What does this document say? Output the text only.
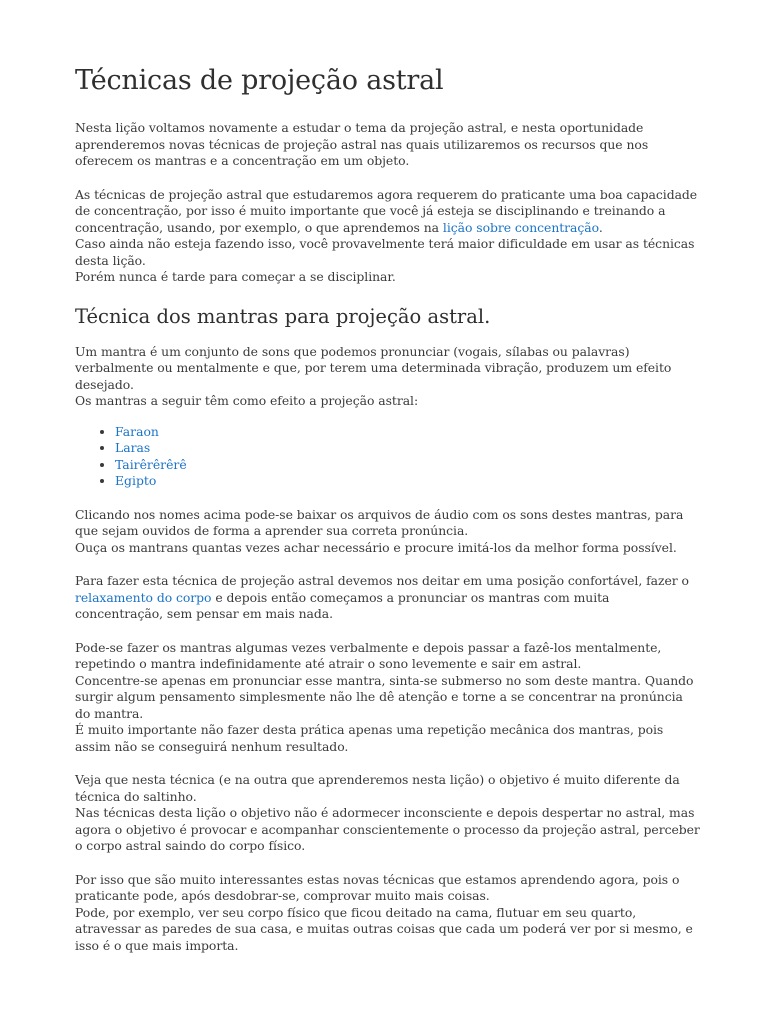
Técnicas de projeção astral

Nesta lição voltamos novamente a estudar o tema da projeção astral, e nesta oportunidade aprenderemos novas técnicas de projeção astral nas quais utilizaremos os recursos que nos oferecem os mantras e a concentração em um objeto.

As técnicas de projeção astral que estudaremos agora requerem do praticante uma boa capacidade de concentração, por isso é muito importante que você já esteja se disciplinando e treinando a concentração, usando, por exemplo, o que aprendemos na lição sobre concentração.

Caso ainda não esteja fazendo isso, você provavelmente terá maior dificuldade em usar as técnicas desta lição.

Porém nunca é tarde para começar a se disciplinar.

Técnica dos mantras para projeção astral.

Um mantra é um conjunto de sons que podemos pronunciar (vogais, sílabas ou palavras) verbalmente ou mentalmente e que, por terem uma determinada vibração, produzem um efeito desejado.

Os mantras a seguir têm como efeito a projeção astral:

• Faraon
• Laras
• Tairêrêrêrê
• Egipto

Clicando nos nomes acima pode-se baixar os arquivos de áudio com os sons destes mantras, para que sejam ouvidos de forma a aprender sua correta pronúncia.

Ouça os mantrans quantas vezes achar necessário e procure imitá-los da melhor forma possível.

Para fazer esta técnica de projeção astral devemos nos deitar em uma posição confortável, fazer o relaxamento do corpo e depois então começamos a pronunciar os mantras com muita concentração, sem pensar em mais nada.

Pode-se fazer os mantras algumas vezes verbalmente e depois passar a fazê-los mentalmente, repetindo o mantra indefinidamente até atrair o sono levemente e sair em astral.

Concentre-se apenas em pronunciar esse mantra, sinta-se submerso no som deste mantra. Quando surgir algum pensamento simplesmente não lhe dê atenção e torne a se concentrar na pronúncia do mantra.

É muito importante não fazer desta prática apenas uma repetição mecânica dos mantras, pois assim não se conseguirá nenhum resultado.

Veja que nesta técnica (e na outra que aprenderemos nesta lição) o objetivo é muito diferente da técnica do saltinho.

Nas técnicas desta lição o objetivo não é adormecer inconsciente e depois despertar no astral, mas agora o objetivo é provocar e acompanhar conscientemente o processo da projeção astral, perceber o corpo astral saindo do corpo físico.

Por isso que são muito interessantes estas novas técnicas que estamos aprendendo agora, pois o praticante pode, após desdobrar-se, comprovar muito mais coisas.

Pode, por exemplo, ver seu corpo físico que ficou deitado na cama, flutuar em seu quarto, atravessar as paredes de sua casa, e muitas outras coisas que cada um poderá ver por si mesmo, e isso é o que mais importa.
